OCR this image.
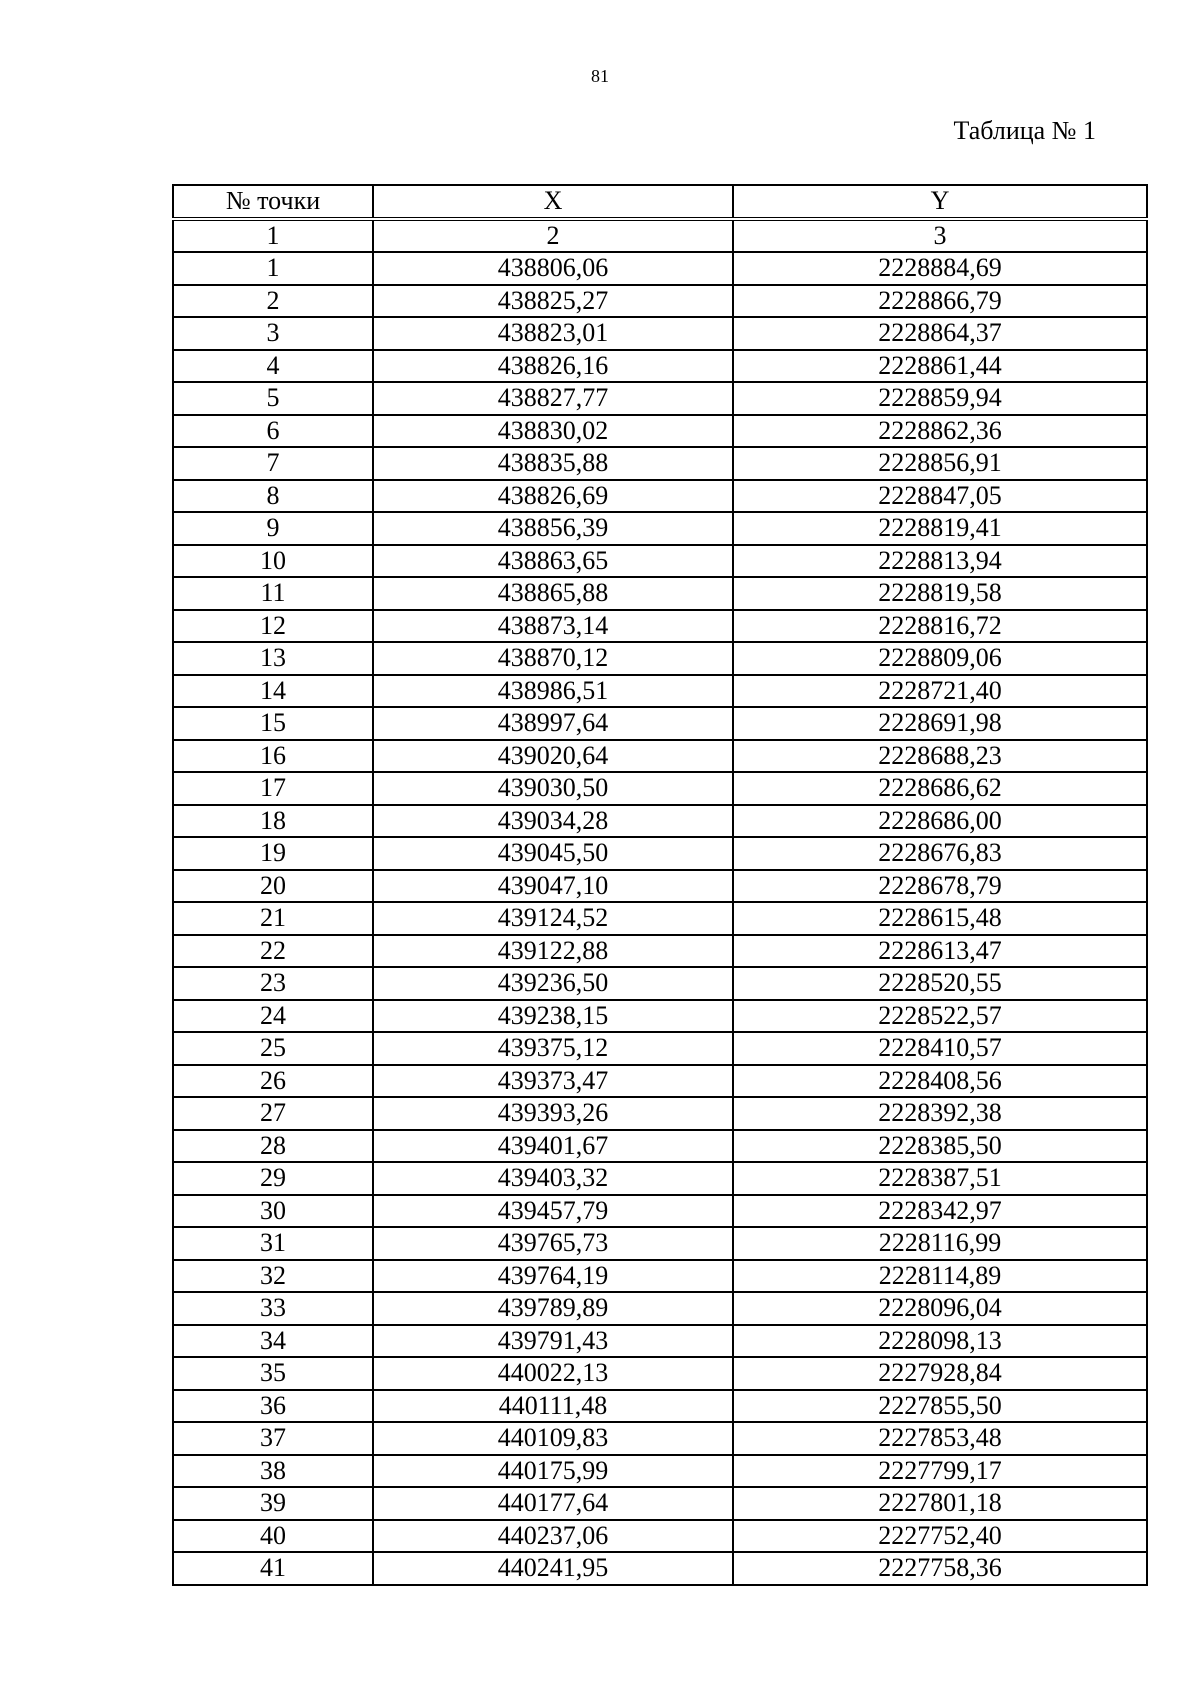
81
Таблица № 1
№ точки	X	Y
1	2	3
1	438806,06	2228884,69
2	438825,27	2228866,79
3	438823,01	2228864,37
4	438826,16	2228861,44
5	438827,77	2228859,94
6	438830,02	2228862,36
7	438835,88	2228856,91
8	438826,69	2228847,05
9	438856,39	2228819,41
10	438863,65	2228813,94
11	438865,88	2228819,58
12	438873,14	2228816,72
13	438870,12	2228809,06
14	438986,51	2228721,40
15	438997,64	2228691,98
16	439020,64	2228688,23
17	439030,50	2228686,62
18	439034,28	2228686,00
19	439045,50	2228676,83
20	439047,10	2228678,79
21	439124,52	2228615,48
22	439122,88	2228613,47
23	439236,50	2228520,55
24	439238,15	2228522,57
25	439375,12	2228410,57
26	439373,47	2228408,56
27	439393,26	2228392,38
28	439401,67	2228385,50
29	439403,32	2228387,51
30	439457,79	2228342,97
31	439765,73	2228116,99
32	439764,19	2228114,89
33	439789,89	2228096,04
34	439791,43	2228098,13
35	440022,13	2227928,84
36	440111,48	2227855,50
37	440109,83	2227853,48
38	440175,99	2227799,17
39	440177,64	2227801,18
40	440237,06	2227752,40
41	440241,95	2227758,36
